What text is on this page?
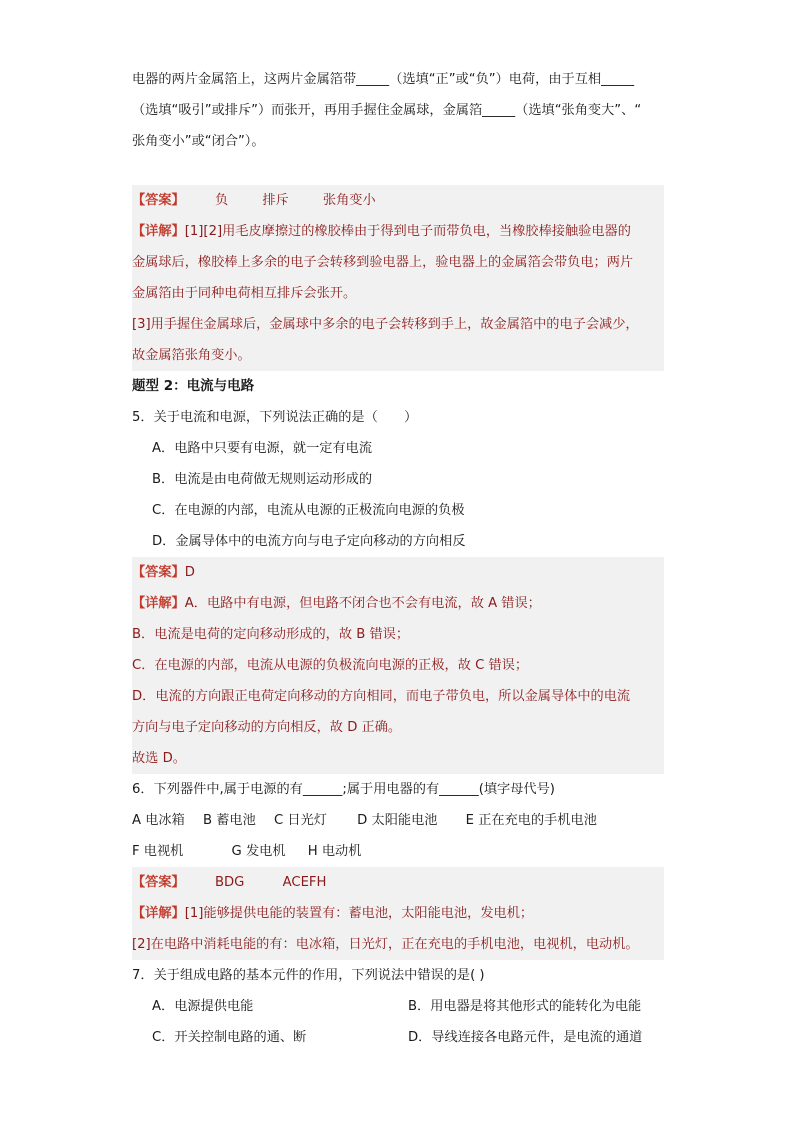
电器的两片金属箔上，这两片金属箔带_____（选填“正”或“负”）电荷，由于互相_____
（选填“吸引”或排斥”）而张开，再用手握住金属球，金属箔_____（选填“张角变大”、“
张角变小”或“闭合”）。
【答案】 负	排斥	张角变小
【详解】[1][2]用毛皮摩擦过的橡胶棒由于得到电子而带负电，当橡胶棒接触验电器的
金属球后，橡胶棒上多余的电子会转移到验电器上，验电器上的金属箔会带负电；两片
金属箔由于同种电荷相互排斥会张开。
[3]用手握住金属球后，金属球中多余的电子会转移到手上，故金属箔中的电子会减少，
故金属箔张角变小。
题型 2：电流与电路
5．关于电流和电源，下列说法正确的是（　　）
A．电路中只要有电源，就一定有电流
B．电流是由电荷做无规则运动形成的
C．在电源的内部，电流从电源的正极流向电源的负极
D．金属导体中的电流方向与电子定向移动的方向相反
【答案】D
【详解】A．电路中有电源，但电路不闭合也不会有电流，故 A 错误；
B．电流是电荷的定向移动形成的，故 B 错误；
C．在电源的内部，电流从电源的负极流向电源的正极，故 C 错误；
D．电流的方向跟正电荷定向移动的方向相同，而电子带负电，所以金属导体中的电流
方向与电子定向移动的方向相反，故 D 正确。
故选 D。
6．下列器件中,属于电源的有______;属于用电器的有______(填字母代号)
A 电冰箱 B 蓄电池 C 日光灯 D 太阳能电池 E 正在充电的手机电池
F 电视机	G 发电机 H 电动机
【答案】 BDG	ACEFH
【详解】[1]能够提供电能的装置有：蓄电池，太阳能电池，发电机；
[2]在电路中消耗电能的有：电冰箱，日光灯，正在充电的手机电池，电视机，电动机。
7．关于组成电路的基本元件的作用，下列说法中错误的是( )
A．电源提供电能	B．用电器是将其他形式的能转化为电能
C．开关控制电路的通、断	D．导线连接各电路元件，是电流的通道
